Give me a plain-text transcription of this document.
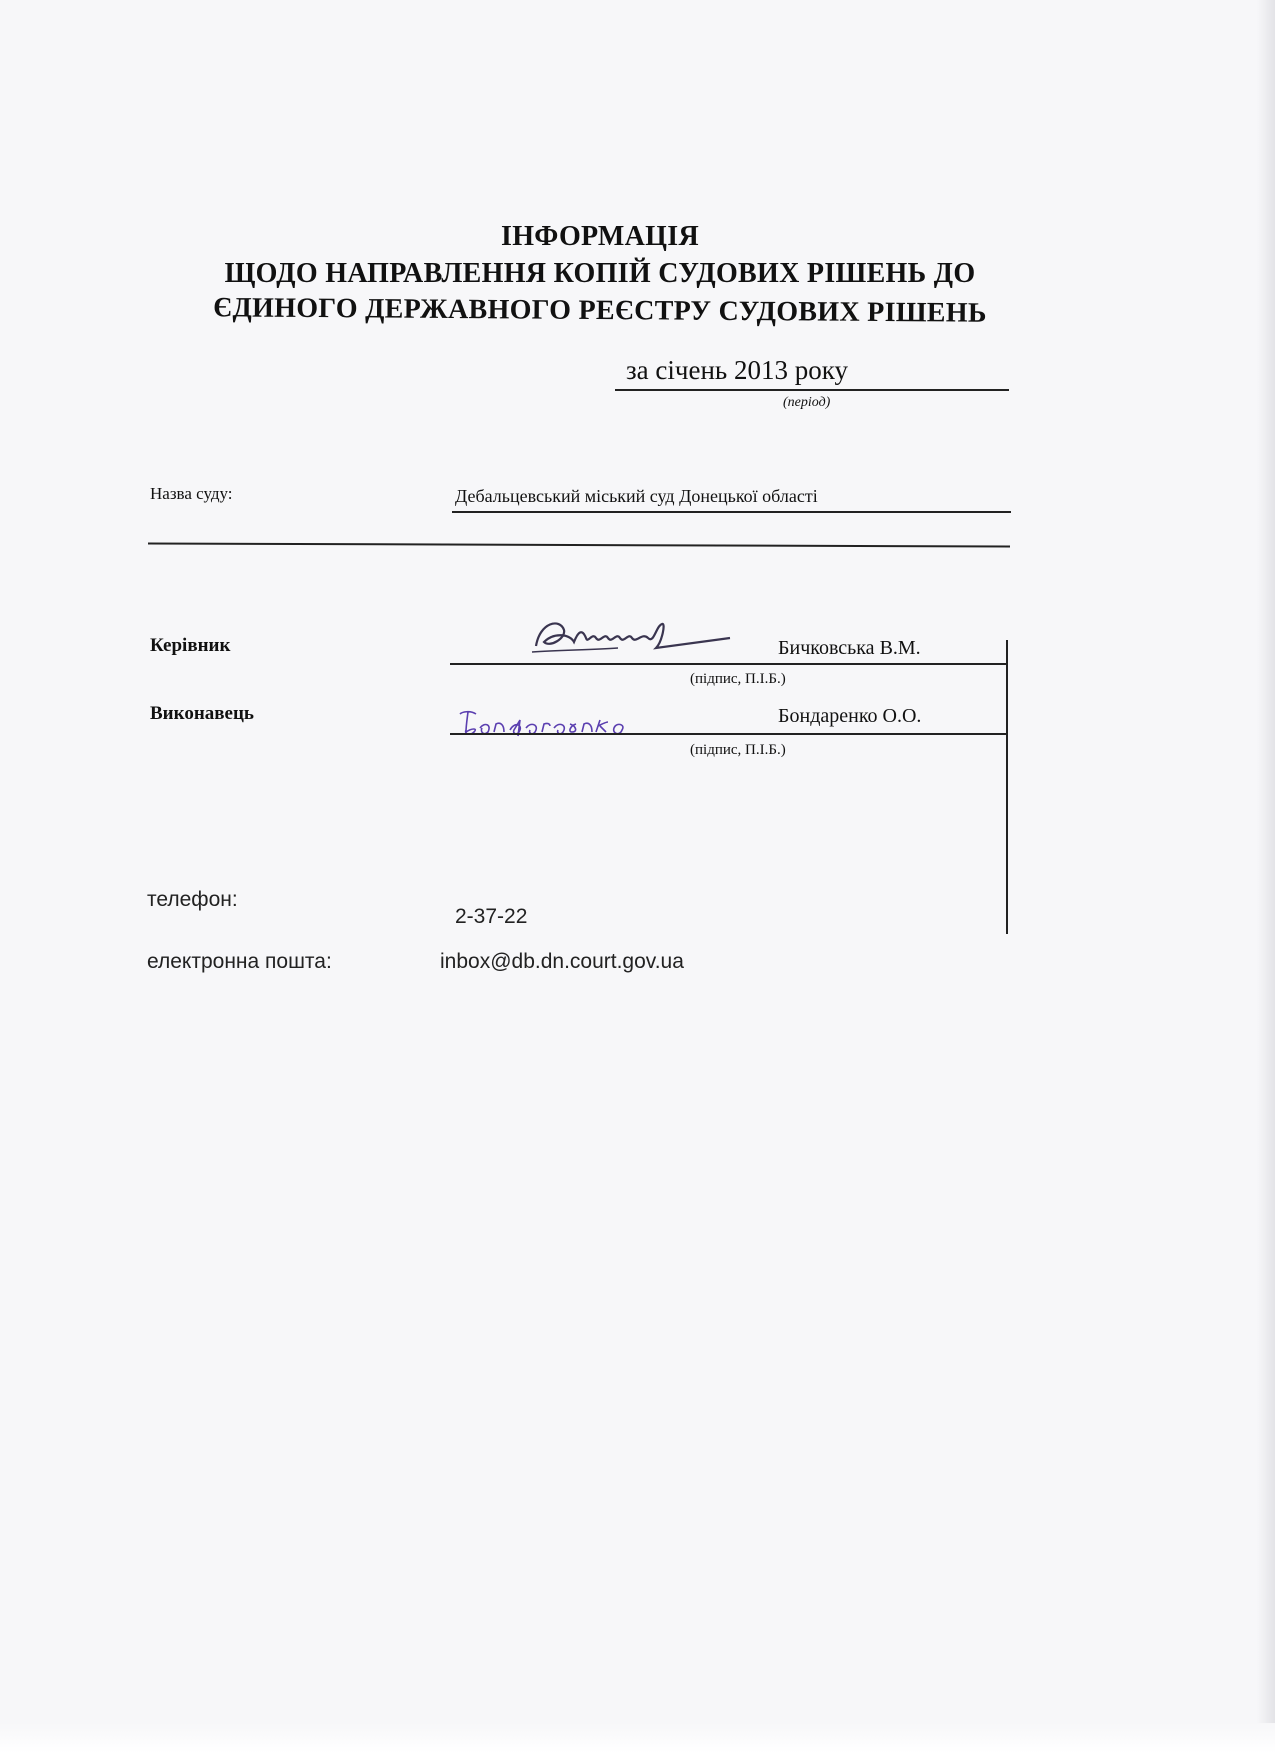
ІНФОРМАЦІЯ
ЩОДО НАПРАВЛЕННЯ КОПІЙ СУДОВИХ РІШЕНЬ ДО
ЄДИНОГО ДЕРЖАВНОГО РЕЄСТРУ СУДОВИХ РІШЕНЬ
за січень 2013 року
(період)
Назва суду:	Дебальцевський міський суд Донецької області
Керівник	Бичковська В.М.
(підпис, П.І.Б.)
Виконавець	Бондаренко О.О.
(підпис, П.І.Б.)
телефон:
2-37-22
електронна пошта:	inbox@db.dn.court.gov.ua
